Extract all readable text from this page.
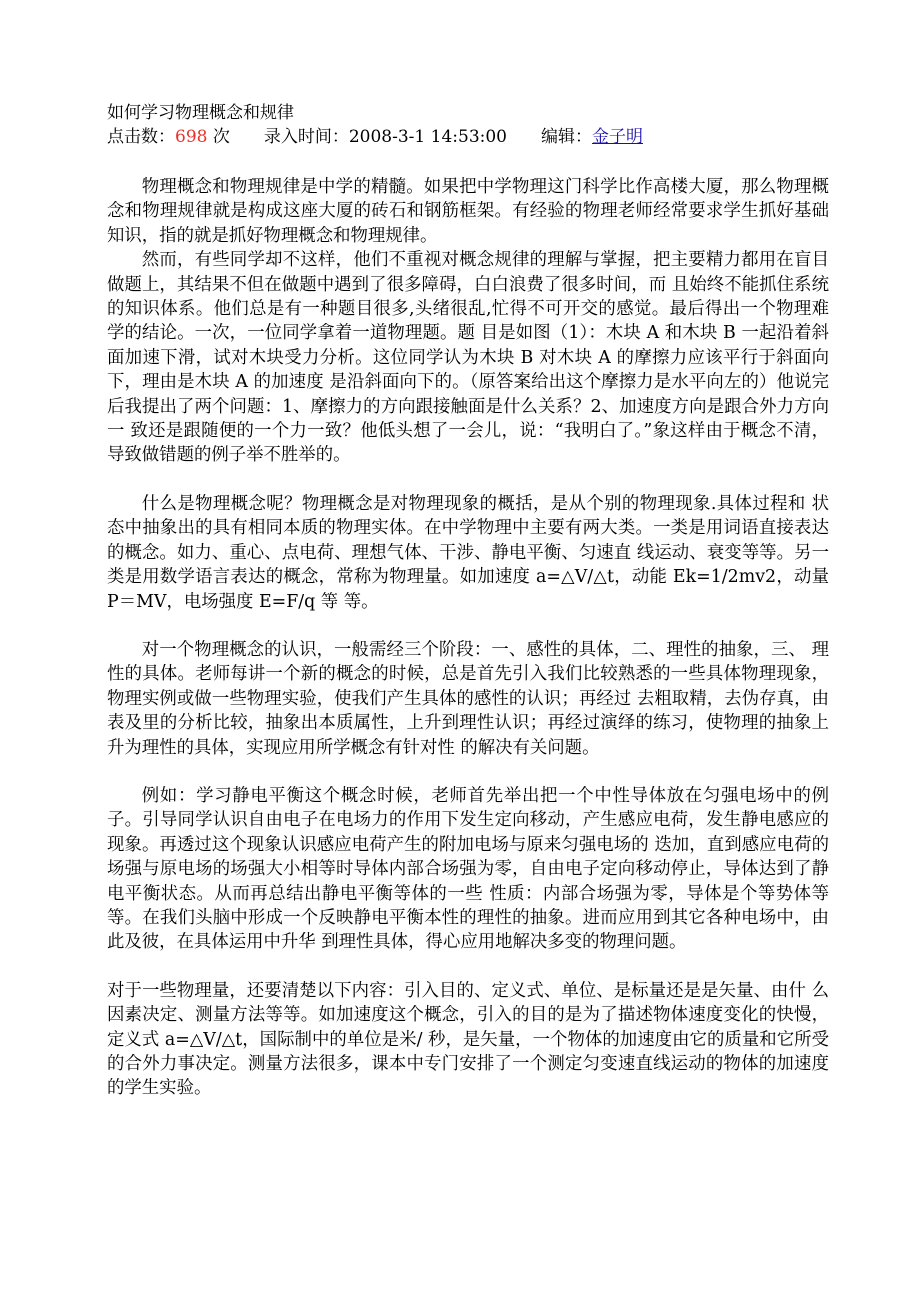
如何学习物理概念和规律

点击数：698 次 录入时间：2008-3-1 14:53:00 编辑：金子明

物理概念和物理规律是中学的精髓。如果把中学物理这门科学比作高楼大厦，那么物理概念和物理规律就是构成这座大厦的砖石和钢筋框架。有经验的物理老师经常要求学生抓好基础知识，指的就是抓好物理概念和物理规律。

然而，有些同学却不这样，他们不重视对概念规律的理解与掌握，把主要精力都用在盲目做题上，其结果不但在做题中遇到了很多障碍，白白浪费了很多时间，而 且始终不能抓住系统的知识体系。他们总是有一种题目很多,头绪很乱,忙得不可开交的感觉。最后得出一个物理难学的结论。一次，一位同学拿着一道物理题。题 目是如图（1）：木块 A 和木块 B 一起沿着斜面加速下滑，试对木块受力分析。这位同学认为木块 B 对木块 A 的摩擦力应该平行于斜面向下，理由是木块 A 的加速度 是沿斜面向下的。（原答案给出这个摩擦力是水平向左的）他说完后我提出了两个问题：1、摩擦力的方向跟接触面是什么关系？2、加速度方向是跟合外力方向一 致还是跟随便的一个力一致？他低头想了一会儿，说：“我明白了。”象这样由于概念不清，导致做错题的例子举不胜举的。

什么是物理概念呢？物理概念是对物理现象的概括，是从个别的物理现象.具体过程和 状态中抽象出的具有相同本质的物理实体。在中学物理中主要有两大类。一类是用词语直接表达的概念。如力、重心、点电荷、理想气体、干涉、静电平衡、匀速直 线运动、衰变等等。另一类是用数学语言表达的概念，常称为物理量。如加速度 a=△V/△t，动能 Ek=1/2mv2，动量 P＝MV，电场强度 E=F/q 等 等。

对一个物理概念的认识，一般需经三个阶段：一、感性的具体，二、理性的抽象，三、 理性的具体。老师每讲一个新的概念的时候，总是首先引入我们比较熟悉的一些具体物理现象，物理实例或做一些物理实验，使我们产生具体的感性的认识；再经过 去粗取精，去伪存真，由表及里的分析比较，抽象出本质属性，上升到理性认识；再经过演绎的练习，使物理的抽象上升为理性的具体，实现应用所学概念有针对性 的解决有关问题。

例如：学习静电平衡这个概念时候，老师首先举出把一个中性导体放在匀强电场中的例 子。引导同学认识自由电子在电场力的作用下发生定向移动，产生感应电荷，发生静电感应的现象。再透过这个现象认识感应电荷产生的附加电场与原来匀强电场的 迭加，直到感应电荷的场强与原电场的场强大小相等时导体内部合场强为零，自由电子定向移动停止，导体达到了静电平衡状态。从而再总结出静电平衡等体的一些 性质：内部合场强为零，导体是个等势体等等。在我们头脑中形成一个反映静电平衡本性的理性的抽象。进而应用到其它各种电场中，由此及彼，在具体运用中升华 到理性具体，得心应用地解决多变的物理问题。

对于一些物理量，还要清楚以下内容：引入目的、定义式、单位、是标量还是是矢量、由什 么因素决定、测量方法等等。如加速度这个概念，引入的目的是为了描述物体速度变化的快慢，定义式 a=△V/△t，国际制中的单位是米/ 秒，是矢量，一个物体的加速度由它的质量和它所受的合外力事决定。测量方法很多，课本中专门安排了一个测定匀变速直线运动的物体的加速度的学生实验。
